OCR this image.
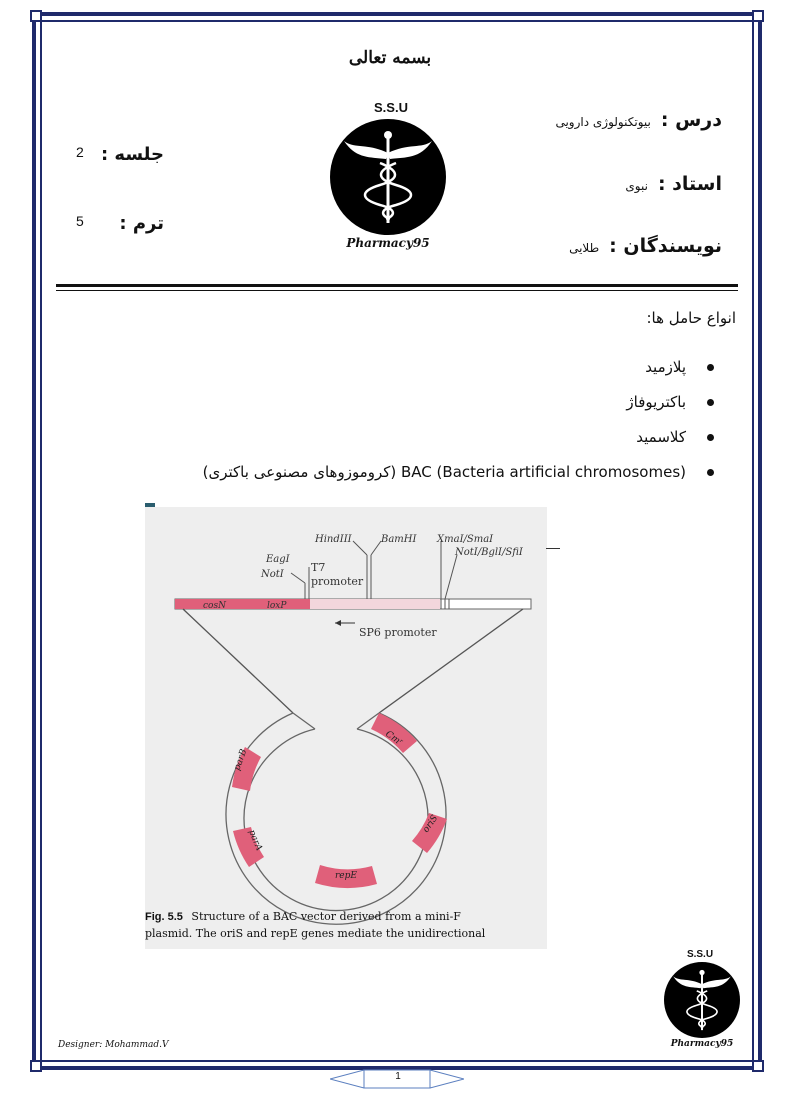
بسمه تعالی
S.S.U
Pharmacy95
درس :
بیوتکنولوژی دارویی
استاد :
نبوی
نویسندگان :
طلایی
جلسه :
2
ترم :
5
انواع حامل ها:
پلازمید
باکتریوفاژ
کلاسمید
BAC (Bacteria artificial chromosomes) (کروموزوهای مصنوعی باکتری)
HindIII	BamHI XmaI/SmaI
NotI/BglI/SfiI
EagI
NotI
T7
promoter
cosN	loxP
SP6 promoter
Cmʳ
parB
parA
repE
oriS
Fig. 5.5 Structure of a BAC vector derived from a mini-F
plasmid. The oriS and repE genes mediate the unidirectional
S.S.U
Pharmacy95
Designer: Mohammad.V
1
